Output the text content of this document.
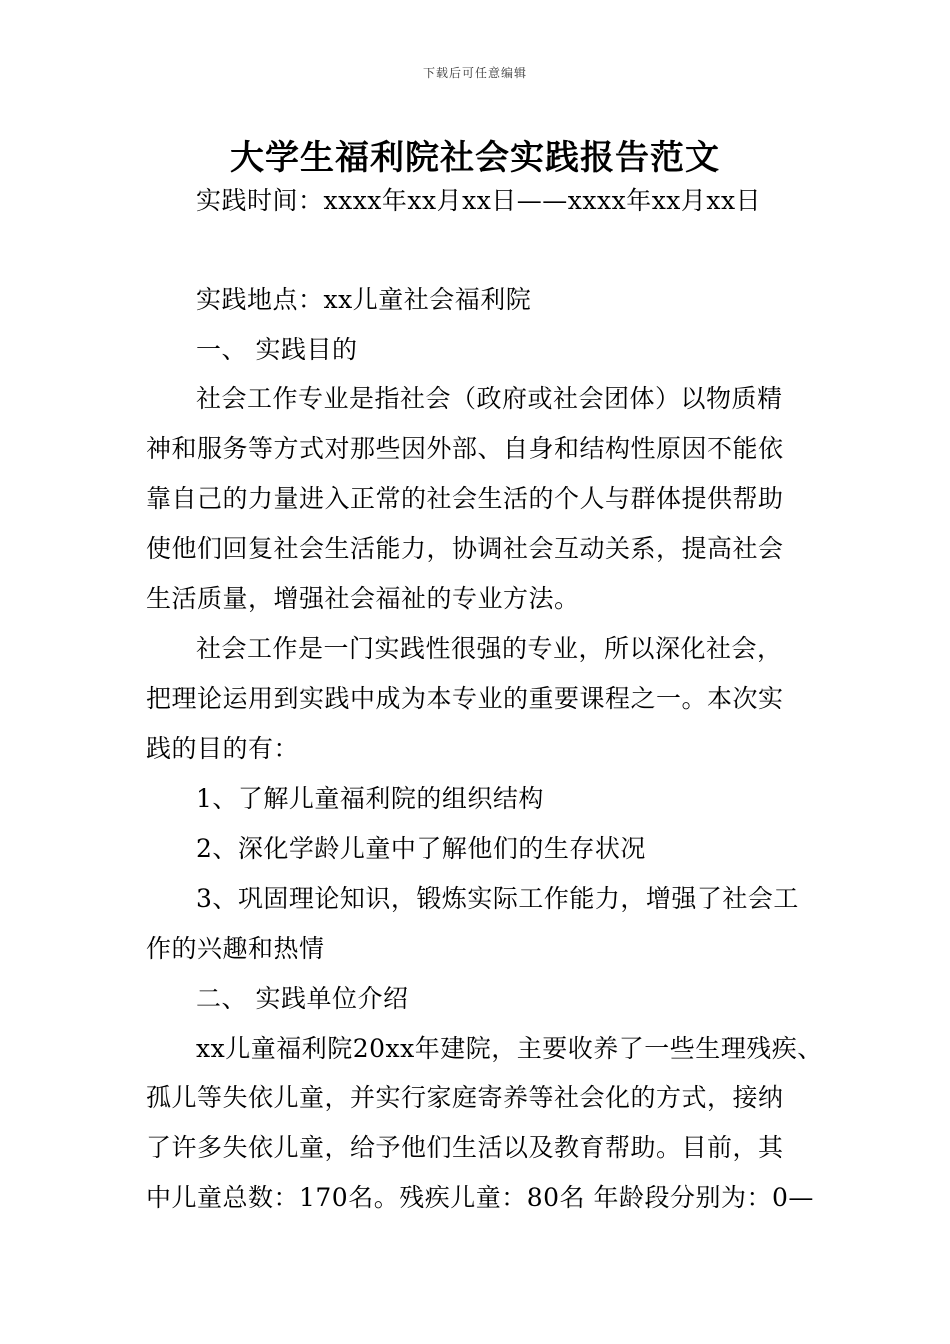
下载后可任意编辑
大学生福利院社会实践报告范文
实践时间：xxxx年xx月xx日——xxxx年xx月xx日
实践地点：xx儿童社会福利院
一、 实践目的
社会工作专业是指社会（政府或社会团体）以物质精
神和服务等方式对那些因外部、自身和结构性原因不能依
靠自己的力量进入正常的社会生活的个人与群体提供帮助
使他们回复社会生活能力，协调社会互动关系，提高社会
生活质量，增强社会福祉的专业方法。
社会工作是一门实践性很强的专业，所以深化社会，
把理论运用到实践中成为本专业的重要课程之一。本次实
践的目的有：
1、了解儿童福利院的组织结构
2、深化学龄儿童中了解他们的生存状况
3、巩固理论知识，锻炼实际工作能力，增强了社会工
作的兴趣和热情
二、 实践单位介绍
xx儿童福利院20xx年建院，主要收养了一些生理残疾、
孤儿等失依儿童，并实行家庭寄养等社会化的方式，接纳
了许多失依儿童，给予他们生活以及教育帮助。目前，其
中儿童总数：170名。残疾儿童：80名 年龄段分别为：0—
